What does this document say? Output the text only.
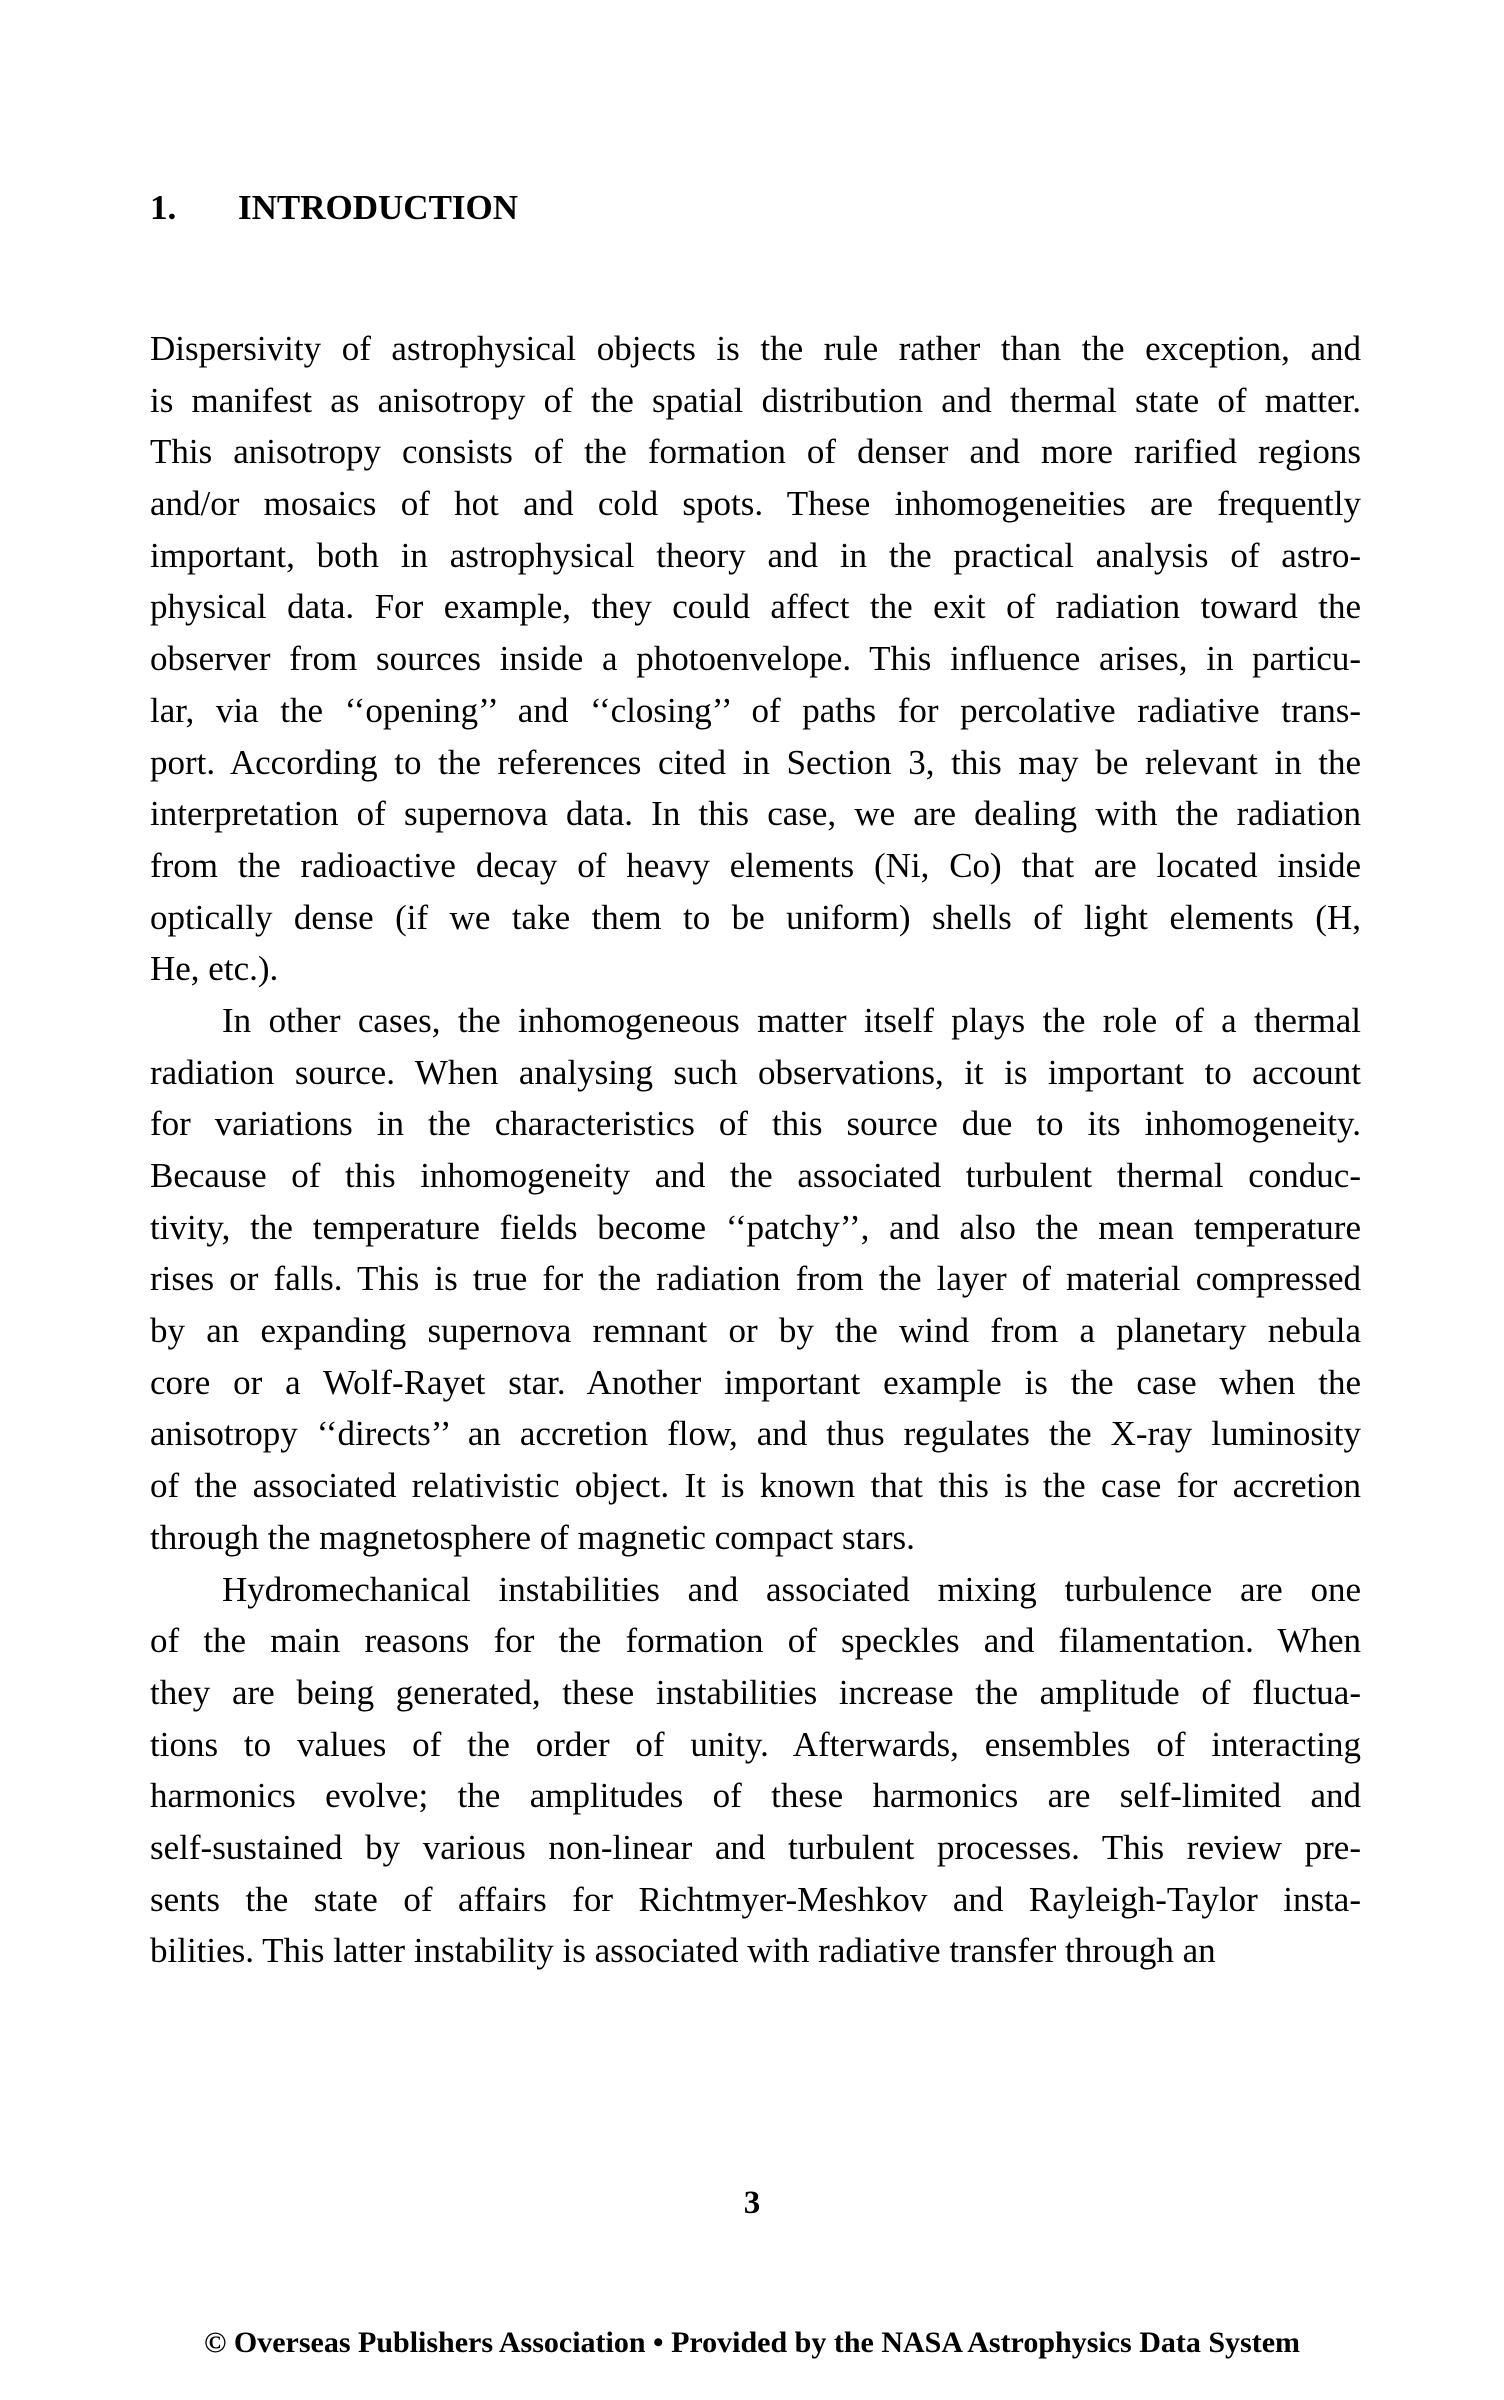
1. INTRODUCTION
Dispersivity of astrophysical objects is the rule rather than the exception, and
is manifest as anisotropy of the spatial distribution and thermal state of matter.
This anisotropy consists of the formation of denser and more rarified regions
and/or mosaics of hot and cold spots. These inhomogeneities are frequently
important, both in astrophysical theory and in the practical analysis of astro-
physical data. For example, they could affect the exit of radiation toward the
observer from sources inside a photoenvelope. This influence arises, in particu-
lar, via the ‘‘opening’’ and ‘‘closing’’ of paths for percolative radiative trans-
port. According to the references cited in Section 3, this may be relevant in the
interpretation of supernova data. In this case, we are dealing with the radiation
from the radioactive decay of heavy elements (Ni, Co) that are located inside
optically dense (if we take them to be uniform) shells of light elements (H,
He, etc.).
In other cases, the inhomogeneous matter itself plays the role of a thermal
radiation source. When analysing such observations, it is important to account
for variations in the characteristics of this source due to its inhomogeneity.
Because of this inhomogeneity and the associated turbulent thermal conduc-
tivity, the temperature fields become ‘‘patchy’’, and also the mean temperature
rises or falls. This is true for the radiation from the layer of material compressed
by an expanding supernova remnant or by the wind from a planetary nebula
core or a Wolf-Rayet star. Another important example is the case when the
anisotropy ‘‘directs’’ an accretion flow, and thus regulates the X-ray luminosity
of the associated relativistic object. It is known that this is the case for accretion
through the magnetosphere of magnetic compact stars.
Hydromechanical instabilities and associated mixing turbulence are one
of the main reasons for the formation of speckles and filamentation. When
they are being generated, these instabilities increase the amplitude of fluctua-
tions to values of the order of unity. Afterwards, ensembles of interacting
harmonics evolve; the amplitudes of these harmonics are self-limited and
self-sustained by various non-linear and turbulent processes. This review pre-
sents the state of affairs for Richtmyer-Meshkov and Rayleigh-Taylor insta-
bilities. This latter instability is associated with radiative transfer through an
3
© Overseas Publishers Association • Provided by the NASA Astrophysics Data System
